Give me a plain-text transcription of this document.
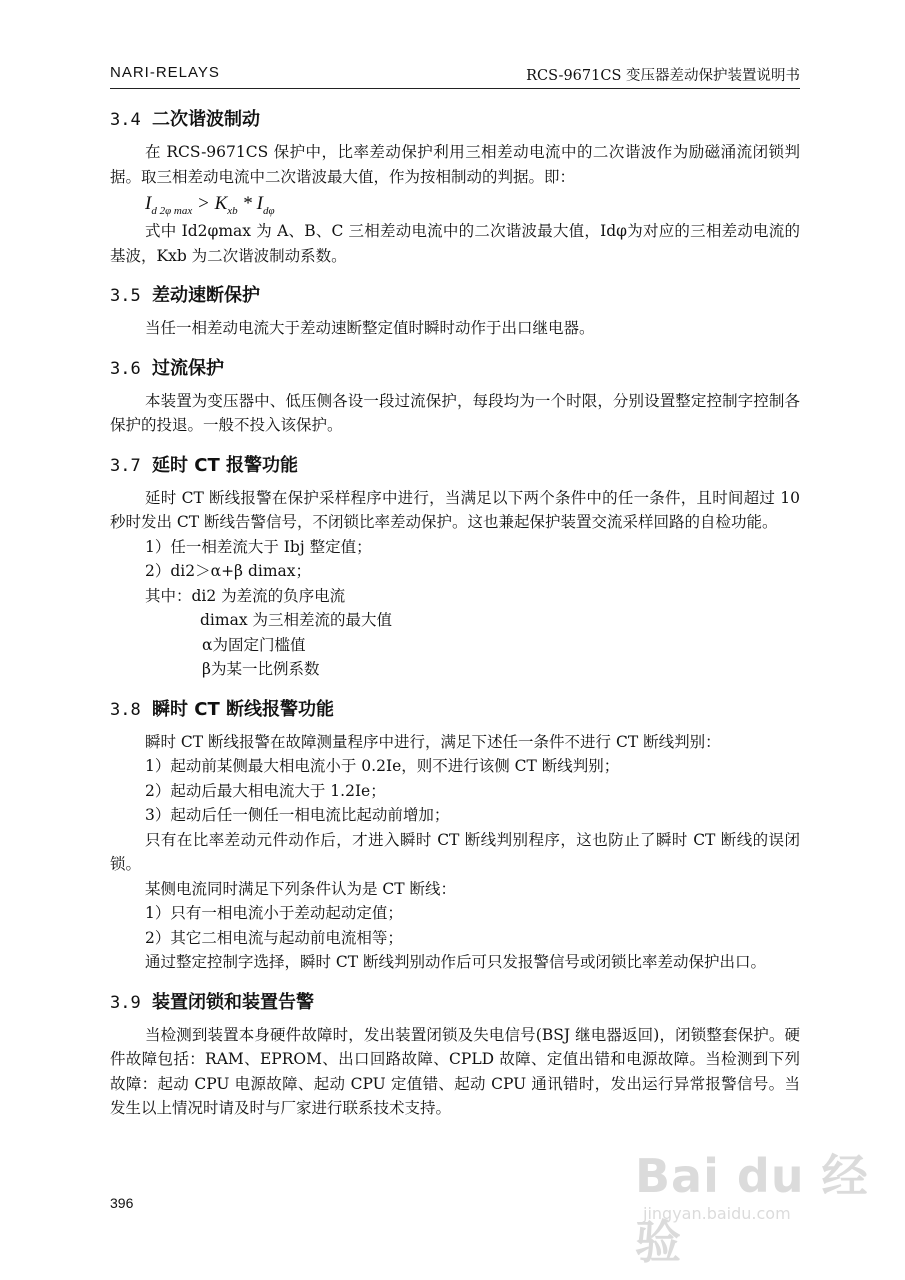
NARI-RELAYS	RCS-9671CS 变压器差动保护装置说明书
3.4 二次谐波制动

在 RCS-9671CS 保护中，比率差动保护利用三相差动电流中的二次谐波作为励磁涌流闭锁判据。取三相差动电流中二次谐波最大值，作为按相制动的判据。即：

$I_{d 2\varphi max} > K_{xb} * I_{d\varphi}$

式中 Id2φmax 为 A、B、C 三相差动电流中的二次谐波最大值，Idφ为对应的三相差动电流的基波，Kxb 为二次谐波制动系数。

3.5 差动速断保护

当任一相差动电流大于差动速断整定值时瞬时动作于出口继电器。

3.6 过流保护

本装置为变压器中、低压侧各设一段过流保护，每段均为一个时限，分别设置整定控制字控制各保护的投退。一般不投入该保护。

3.7 延时 CT 报警功能

延时 CT 断线报警在保护采样程序中进行，当满足以下两个条件中的任一条件，且时间超过 10 秒时发出 CT 断线告警信号，不闭锁比率差动保护。这也兼起保护装置交流采样回路的自检功能。

1）任一相差流大于 Ibj 整定值；

2）di2＞α+β dimax；

其中：di2 为差流的负序电流

dimax 为三相差流的最大值

α为固定门槛值

β为某一比例系数

3.8 瞬时 CT 断线报警功能

瞬时 CT 断线报警在故障测量程序中进行，满足下述任一条件不进行 CT 断线判别：

1）起动前某侧最大相电流小于 0.2Ie，则不进行该侧 CT 断线判别；

2）起动后最大相电流大于 1.2Ie；

3）起动后任一侧任一相电流比起动前增加；

只有在比率差动元件动作后，才进入瞬时 CT 断线判别程序，这也防止了瞬时 CT 断线的误闭锁。

某侧电流同时满足下列条件认为是 CT 断线：

1）只有一相电流小于差动起动定值；

2）其它二相电流与起动前电流相等；

通过整定控制字选择，瞬时 CT 断线判别动作后可只发报警信号或闭锁比率差动保护出口。

3.9 装置闭锁和装置告警

当检测到装置本身硬件故障时，发出装置闭锁及失电信号(BSJ 继电器返回)，闭锁整套保护。硬件故障包括：RAM、EPROM、出口回路故障、CPLD 故障、定值出错和电源故障。当检测到下列故障：起动 CPU 电源故障、起动 CPU 定值错、起动 CPU 通讯错时，发出运行异常报警信号。当发生以上情况时请及时与厂家进行联系技术支持。

396	Bai du 经验
jingyan.baidu.com
